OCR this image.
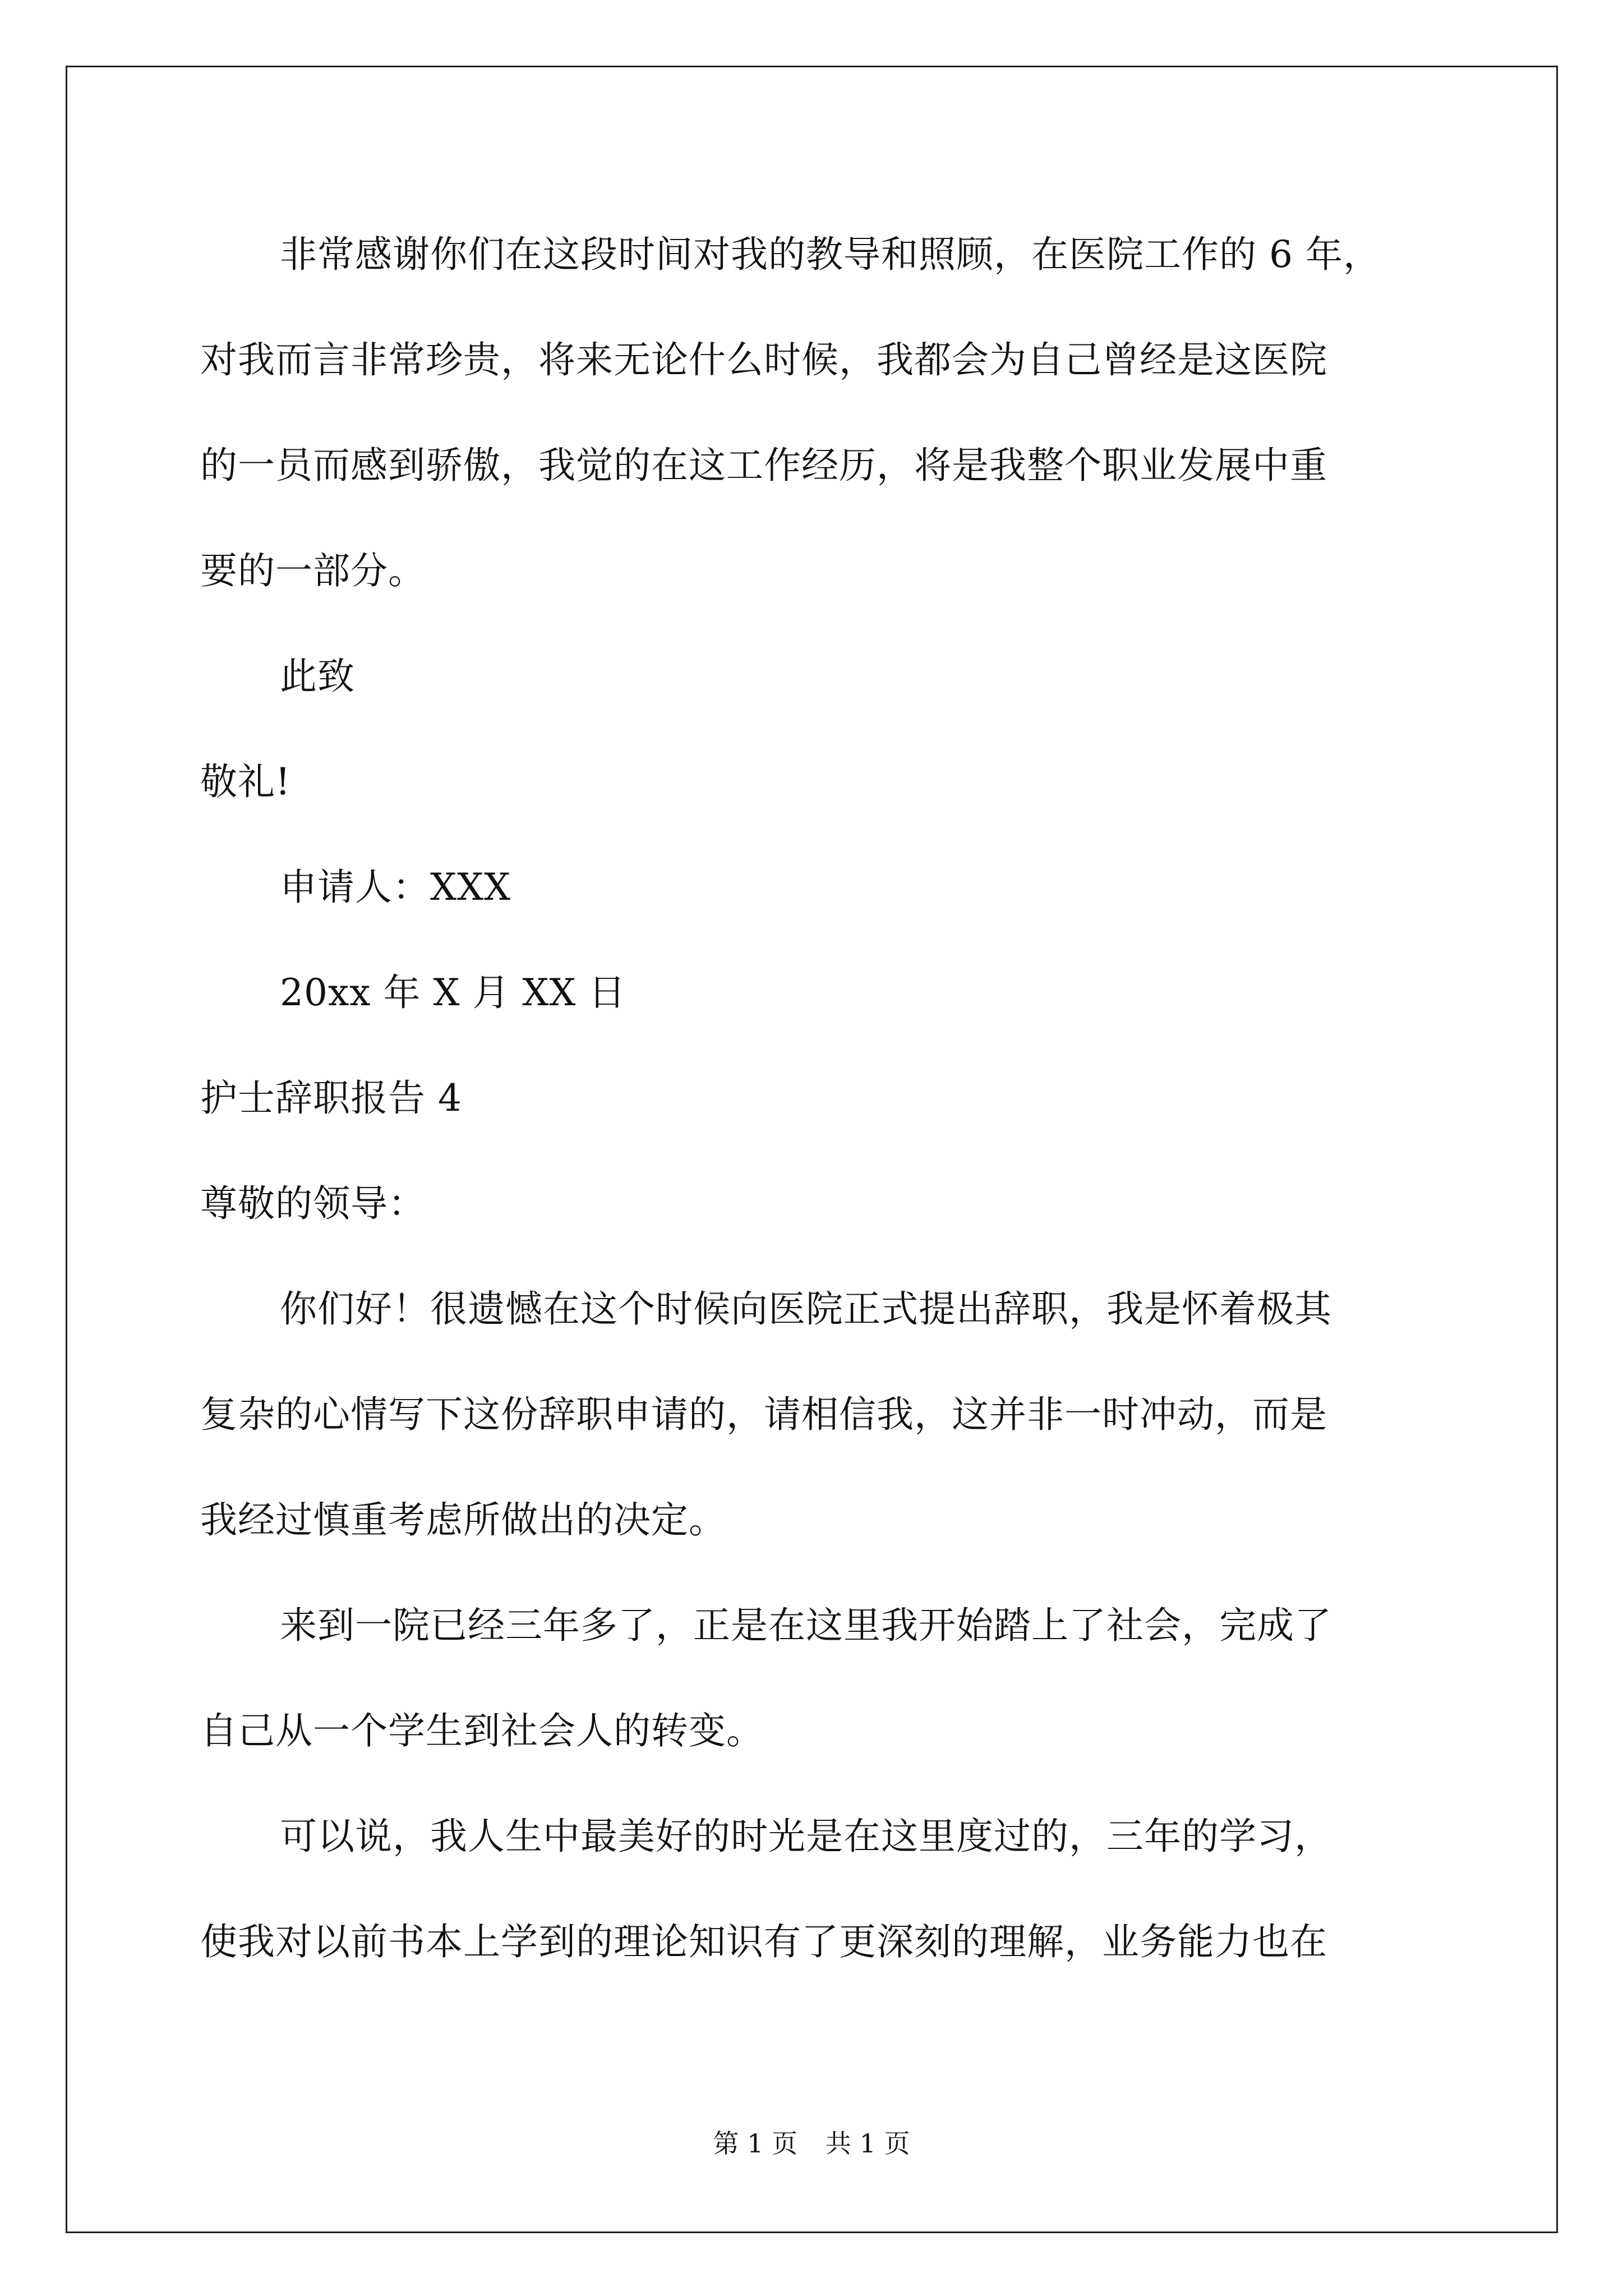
非常感谢你们在这段时间对我的教导和照顾，在医院工作的 6 年，
对我而言非常珍贵，将来无论什么时候，我都会为自己曾经是这医院
的一员而感到骄傲，我觉的在这工作经历，将是我整个职业发展中重
要的一部分。
此致
敬礼!
申请人：XXX
20xx 年 X 月 XX 日
护士辞职报告 4
尊敬的领导：
你们好！很遗憾在这个时候向医院正式提出辞职，我是怀着极其
复杂的心情写下这份辞职申请的，请相信我，这并非一时冲动，而是
我经过慎重考虑所做出的决定。
来到一院已经三年多了，正是在这里我开始踏上了社会，完成了
自己从一个学生到社会人的转变。
可以说，我人生中最美好的时光是在这里度过的，三年的学习，
使我对以前书本上学到的理论知识有了更深刻的理解，业务能力也在
第 1 页 共 1 页
